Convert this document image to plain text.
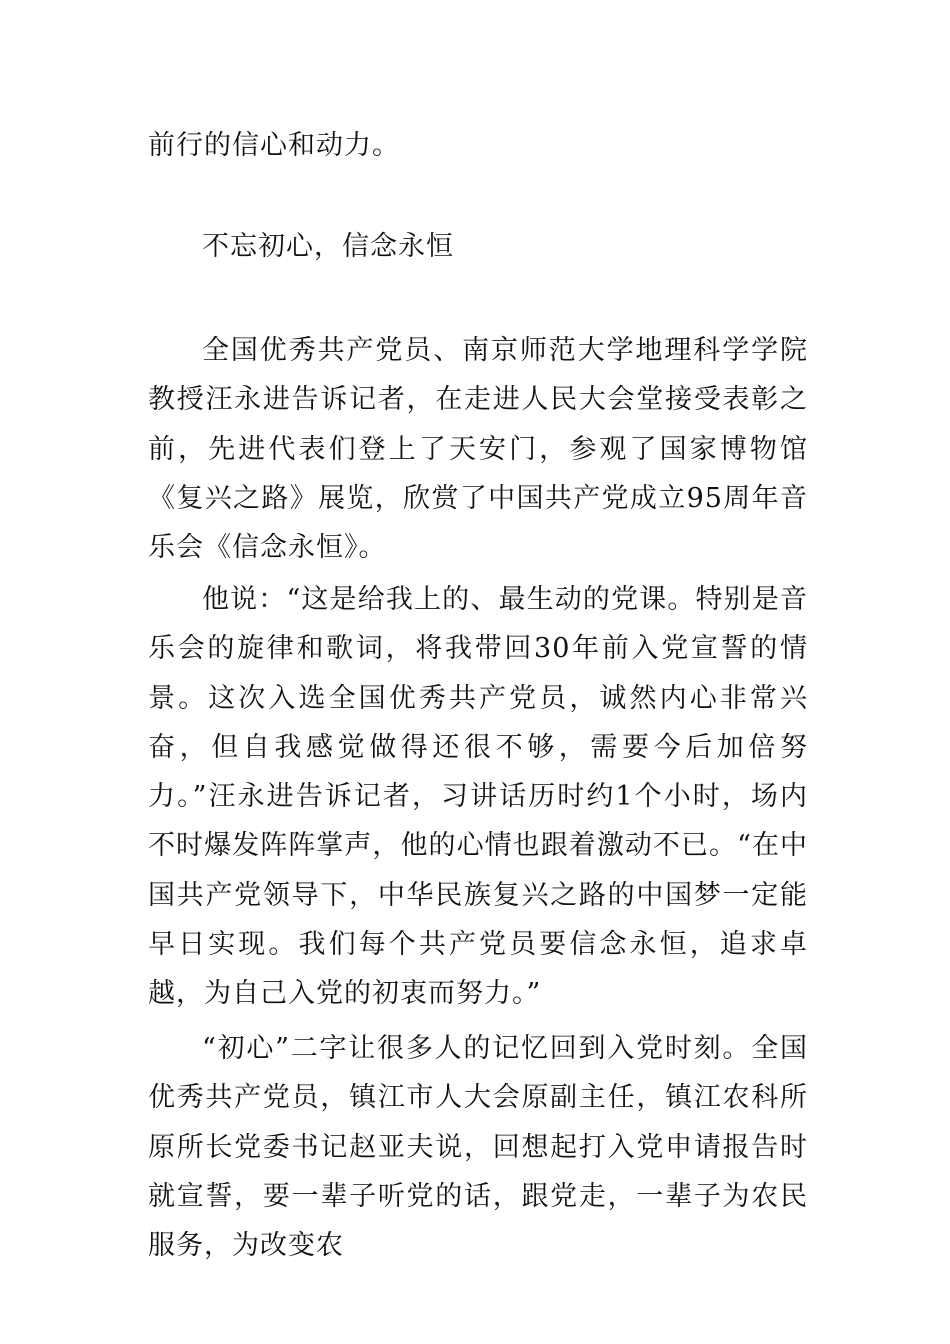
前行的信心和动力。

不忘初心，信念永恒

全国优秀共产党员、南京师范大学地理科学学院教授汪永进告诉记者，在走进人民大会堂接受表彰之前，先进代表们登上了天安门，参观了国家博物馆《复兴之路》展览，欣赏了中国共产党成立95周年音乐会《信念永恒》。

他说：“这是给我上的、最生动的党课。特别是音乐会的旋律和歌词，将我带回30年前入党宣誓的情景。这次入选全国优秀共产党员，诚然内心非常兴奋，但自我感觉做得还很不够，需要今后加倍努力。”汪永进告诉记者，习讲话历时约1个小时，场内不时爆发阵阵掌声，他的心情也跟着激动不已。“在中国共产党领导下，中华民族复兴之路的中国梦一定能早日实现。我们每个共产党员要信念永恒，追求卓越，为自己入党的初衷而努力。”

“初心”二字让很多人的记忆回到入党时刻。全国优秀共产党员，镇江市人大会原副主任，镇江农科所原所长党委书记赵亚夫说，回想起打入党申请报告时就宣誓，要一辈子听党的话，跟党走，一辈子为农民服务，为改变农
